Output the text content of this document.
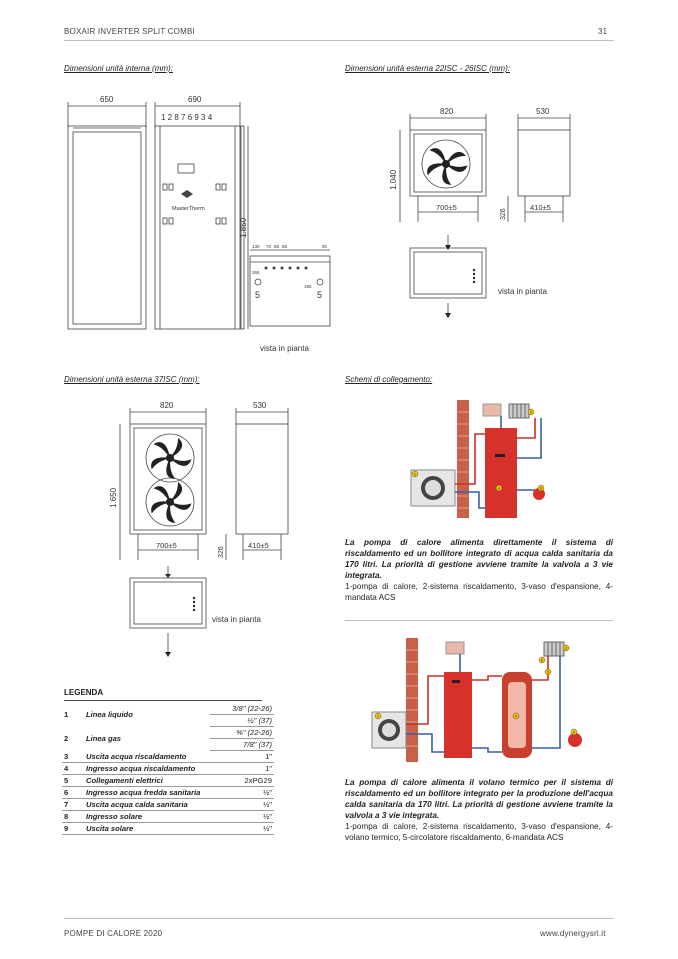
BOXAIR INVERTER SPLIT COMBI	31
Dimensioni unità interna (mm):	Dimensioni unità esterna 22ISC - 26ISC (mm):
Dimensioni unità esterna 37ISC (mm):	Schemi di collegamento:
650	690
1 2 8 7 6 9 3 4
MasterTherm
1.850
130 70 58 58	80
265
195
5	5
vista in pianta
820	530
1.040
700±5	410±5
326
vista in pianta
820	530
1.650
700±5	410±5
326
vista in pianta
1
2
3
4
La pompa di calore alimenta direttamente il sistema di riscaldamento ed un bollitore integrato di acqua calda sanitaria da 170 litri. La priorità di gestione avviene tramite la valvola a 3 vie integrata.
1-pompa di calore, 2-sistema riscaldamento, 3-vaso d'espansione, 4-mandata ACS
1
2
3
4
5
6
La pompa di calore alimenta il volano termico per il sistema di riscaldamento ed un bollitore integrato per la produzione dell'acqua calda sanitaria da 170 litri. La priorità di gestione avviene tramite la valvola a 3 vie integrata.
1-pompa di calore, 2-sistema riscaldamento, 3-vaso d'espansione, 4-volano termico, 5-circolatore riscaldamento, 6-mandata ACS
LEGENDA
1	Linea liquido	3/8" (22-26)
		½" (37)
2	Linea gas	⅝" (22-26)
		7/8" (37)
3	Uscita acqua riscaldamento	1"
4	Ingresso acqua riscaldamento	1"
5	Collegamenti elettrici	2xPG29
6	Ingresso acqua fredda sanitaria	½"
7	Uscita acqua calda sanitaria	½"
8	Ingresso solare	½"
9	Uscita solare	½"
POMPE DI CALORE 2020	www.dynergysrl.it
